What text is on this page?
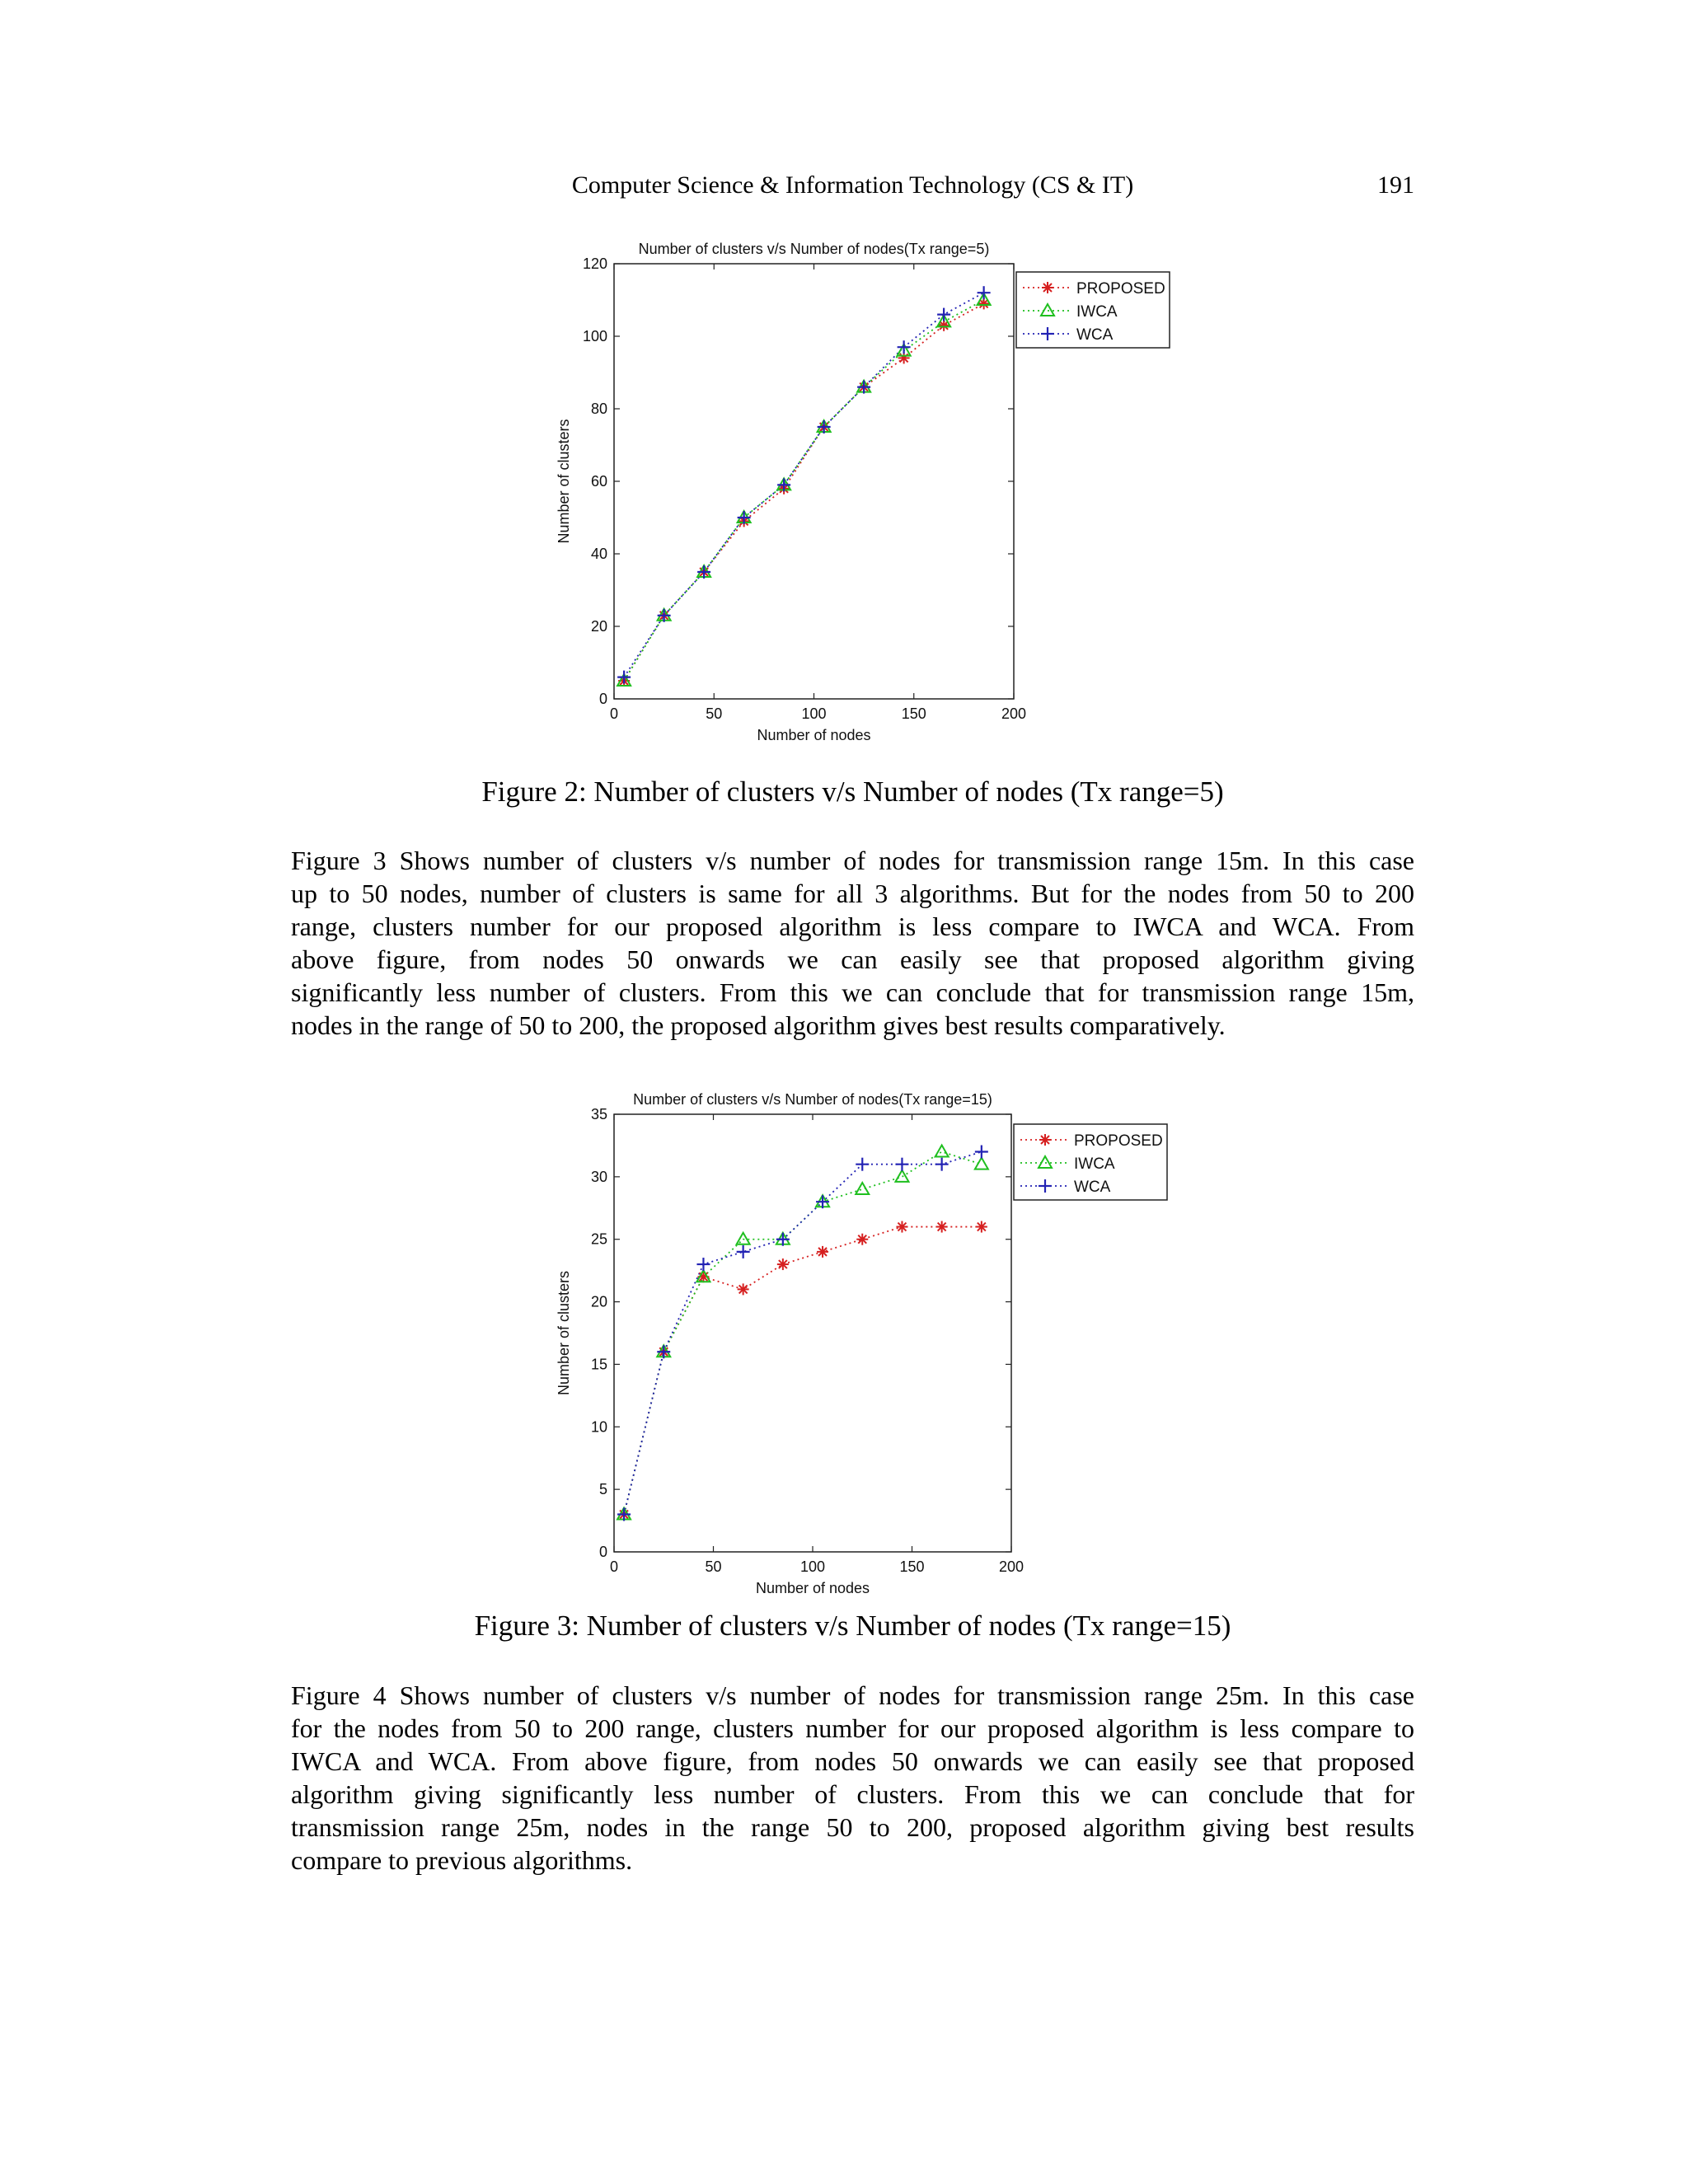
Computer Science & Information Technology (CS & IT)	191
Number of clusters v/s Number of nodes(Tx range=5)
0	50	100	150	200
0
20
40
60
80
100
120
Number of nodes
Number of clusters
PROPOSED
IWCA
WCA
Figure 2: Number of clusters v/s Number of nodes (Tx range=5)
Figure 3 Shows number of clusters v/s number of nodes for transmission range 15m. In this case
up to 50 nodes, number of clusters is same for all 3 algorithms. But for the nodes from 50 to 200
range, clusters number for our proposed algorithm is less compare to IWCA and WCA. From
above figure, from nodes 50 onwards we can easily see that proposed algorithm giving
significantly less number of clusters. From this we can conclude that for transmission range 15m,
nodes in the range of 50 to 200, the proposed algorithm gives best results comparatively.
Number of clusters v/s Number of nodes(Tx range=15)
0	50	100	150	200
0
5
10
15
20
25
30
35
Number of nodes
Number of clusters
PROPOSED
IWCA
WCA
Figure 3: Number of clusters v/s Number of nodes (Tx range=15)
Figure 4 Shows number of clusters v/s number of nodes for transmission range 25m. In this case
for the nodes from 50 to 200 range, clusters number for our proposed algorithm is less compare to
IWCA and WCA. From above figure, from nodes 50 onwards we can easily see that proposed
algorithm giving significantly less number of clusters. From this we can conclude that for
transmission range 25m, nodes in the range 50 to 200, proposed algorithm giving best results
compare to previous algorithms.
